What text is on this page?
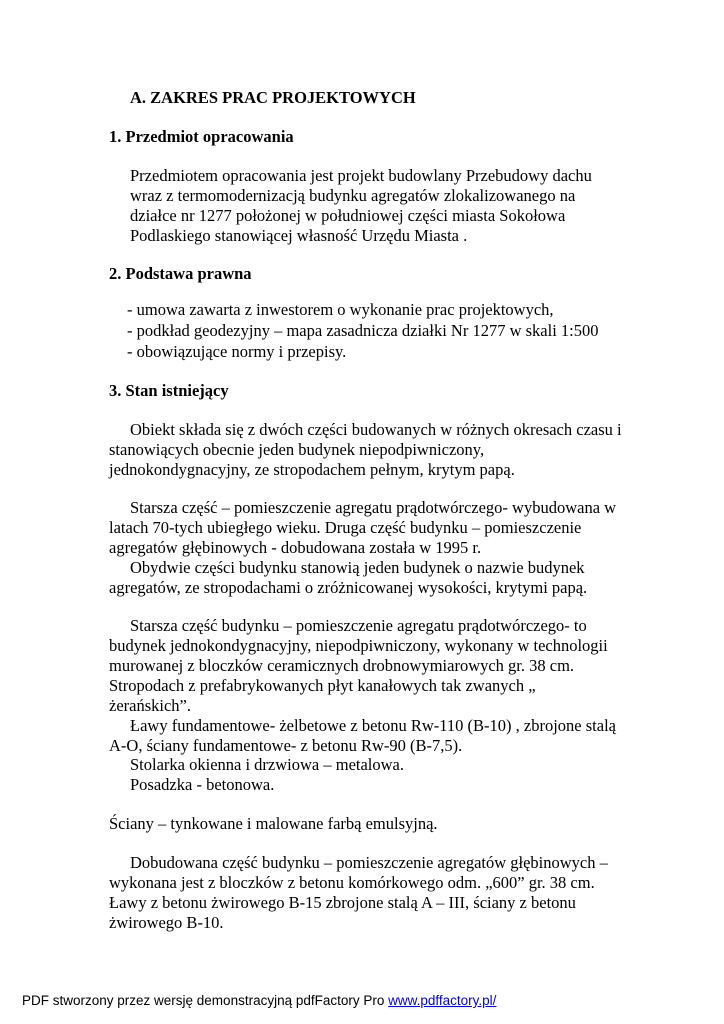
A. ZAKRES PRAC PROJEKTOWYCH
1. Przedmiot opracowania
Przedmiotem opracowania jest projekt budowlany Przebudowy dachu
wraz z termomodernizacją budynku agregatów zlokalizowanego na
działce nr 1277 położonej w południowej części miasta Sokołowa
Podlaskiego stanowiącej własność Urzędu Miasta .
2. Podstawa prawna
- umowa zawarta z inwestorem o wykonanie prac projektowych,
- podkład geodezyjny – mapa zasadnicza działki Nr 1277 w skali 1:500
- obowiązujące normy i przepisy.
3. Stan istniejący
Obiekt składa się z dwóch części budowanych w różnych okresach czasu i
stanowiących obecnie jeden budynek niepodpiwniczony,
jednokondygnacyjny, ze stropodachem pełnym, krytym papą.
Starsza część – pomieszczenie agregatu prądotwórczego- wybudowana w
latach 70-tych ubiegłego wieku. Druga część budynku – pomieszczenie
agregatów głębinowych - dobudowana została w 1995 r.
Obydwie części budynku stanowią jeden budynek o nazwie budynek
agregatów, ze stropodachami o zróżnicowanej wysokości, krytymi papą.
Starsza część budynku – pomieszczenie agregatu prądotwórczego- to
budynek jednokondygnacyjny, niepodpiwniczony, wykonany w technologii
murowanej z bloczków ceramicznych drobnowymiarowych gr. 38 cm.
Stropodach z prefabrykowanych płyt kanałowych tak zwanych „
żerańskich”.
Ławy fundamentowe- żelbetowe z betonu Rw-110 (B-10) , zbrojone stalą
A-O, ściany fundamentowe- z betonu Rw-90 (B-7,5).
Stolarka okienna i drzwiowa – metalowa.
Posadzka - betonowa.
Ściany – tynkowane i malowane farbą emulsyjną.
Dobudowana część budynku – pomieszczenie agregatów głębinowych –
wykonana jest z bloczków z betonu komórkowego odm. „600” gr. 38 cm.
Ławy z betonu żwirowego B-15 zbrojone stalą A – III, ściany z betonu
żwirowego B-10.
PDF stworzony przez wersję demonstracyjną pdfFactory Pro www.pdffactory.pl/
